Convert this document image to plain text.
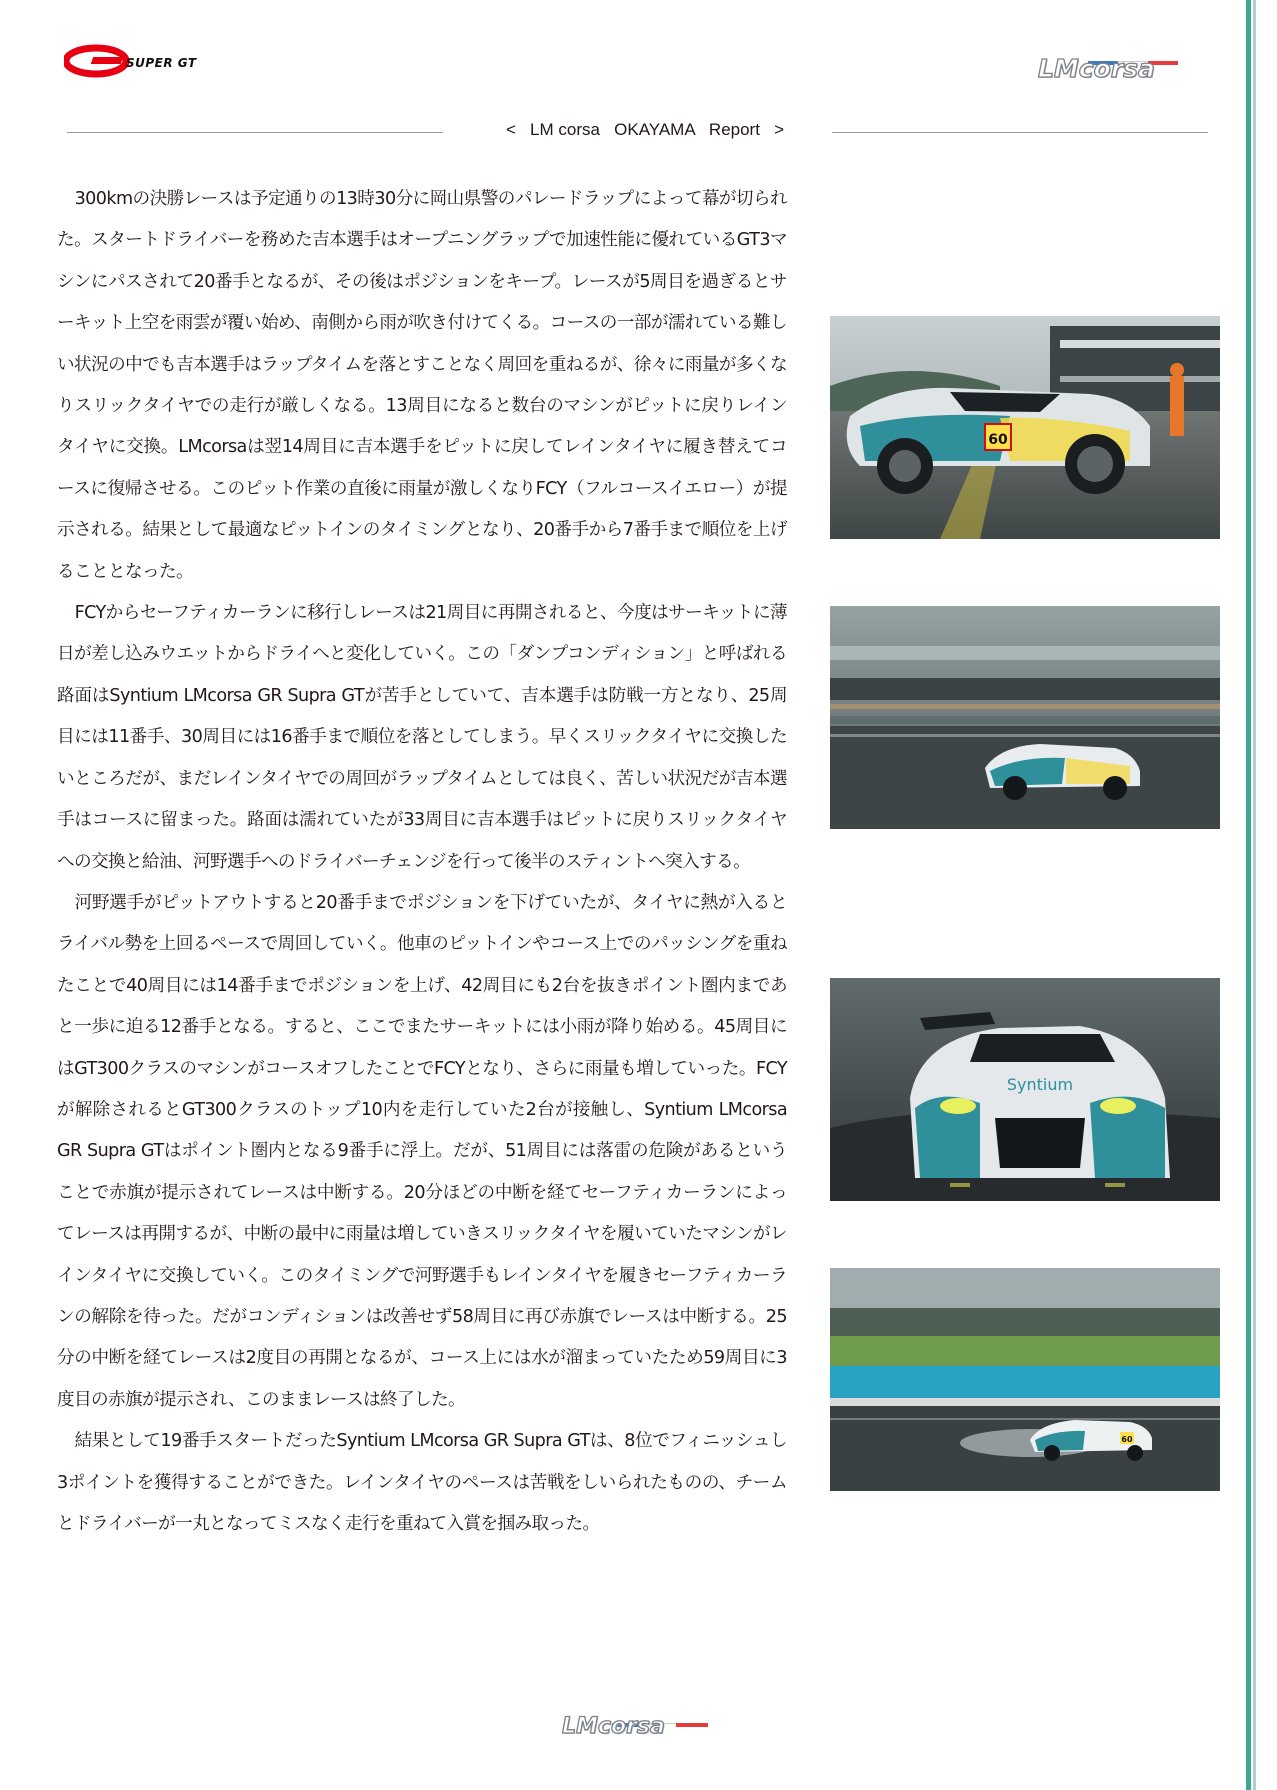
SUPER GT	LMcorsa
<   LM corsa   OKAYAMA   Report   >

300kmの決勝レースは予定通りの13時30分に岡山県警のパレードラップによって幕が切られた。スタートドライバーを務めた吉本選手はオープニングラップで加速性能に優れているGT3マシンにパスされて20番手となるが、その後はポジションをキープ。レースが5周目を過ぎるとサーキット上空を雨雲が覆い始め、南側から雨が吹き付けてくる。コースの一部が濡れている難しい状況の中でも吉本選手はラップタイムを落とすことなく周回を重ねるが、徐々に雨量が多くなりスリックタイヤでの走行が厳しくなる。13周目になると数台のマシンがピットに戻りレインタイヤに交換。LMcorsaは翌14周目に吉本選手をピットに戻してレインタイヤに履き替えてコースに復帰させる。このピット作業の直後に雨量が激しくなりFCY（フルコースイエロー）が提示される。結果として最適なピットインのタイミングとなり、20番手から7番手まで順位を上げることとなった。

FCYからセーフティカーランに移行しレースは21周目に再開されると、今度はサーキットに薄日が差し込みウエットからドライへと変化していく。この「ダンプコンディション」と呼ばれる路面はSyntium LMcorsa GR Supra GTが苦手としていて、吉本選手は防戦一方となり、25周目には11番手、30周目には16番手まで順位を落としてしまう。早くスリックタイヤに交換したいところだが、まだレインタイヤでの周回がラップタイムとしては良く、苦しい状況だが吉本選手はコースに留まった。路面は濡れていたが33周目に吉本選手はピットに戻りスリックタイヤへの交換と給油、河野選手へのドライバーチェンジを行って後半のスティントへ突入する。

河野選手がピットアウトすると20番手までポジションを下げていたが、タイヤに熱が入るとライバル勢を上回るペースで周回していく。他車のピットインやコース上でのパッシングを重ねたことで40周目には14番手までポジションを上げ、42周目にも2台を抜きポイント圏内まであと一歩に迫る12番手となる。すると、ここでまたサーキットには小雨が降り始める。45周目にはGT300クラスのマシンがコースオフしたことでFCYとなり、さらに雨量も増していった。FCYが解除されるとGT300クラスのトップ10内を走行していた2台が接触し、Syntium LMcorsa GR Supra GTはポイント圏内となる9番手に浮上。だが、51周目には落雷の危険があるということで赤旗が提示されてレースは中断する。20分ほどの中断を経てセーフティカーランによってレースは再開するが、中断の最中に雨量は増していきスリックタイヤを履いていたマシンがレインタイヤに交換していく。このタイミングで河野選手もレインタイヤを履きセーフティカーランの解除を待った。だがコンディションは改善せず58周目に再び赤旗でレースは中断する。25分の中断を経てレースは2度目の再開となるが、コース上には水が溜まっていたため59周目に3度目の赤旗が提示され、このままレースは終了した。

結果として19番手スタートだったSyntium LMcorsa GR Supra GTは、8位でフィニッシュし3ポイントを獲得することができた。レインタイヤのペースは苦戦をしいられたものの、チームとドライバーが一丸となってミスなく走行を重ねて入賞を掴み取った。

60
Syntium
60
LMcorsa
